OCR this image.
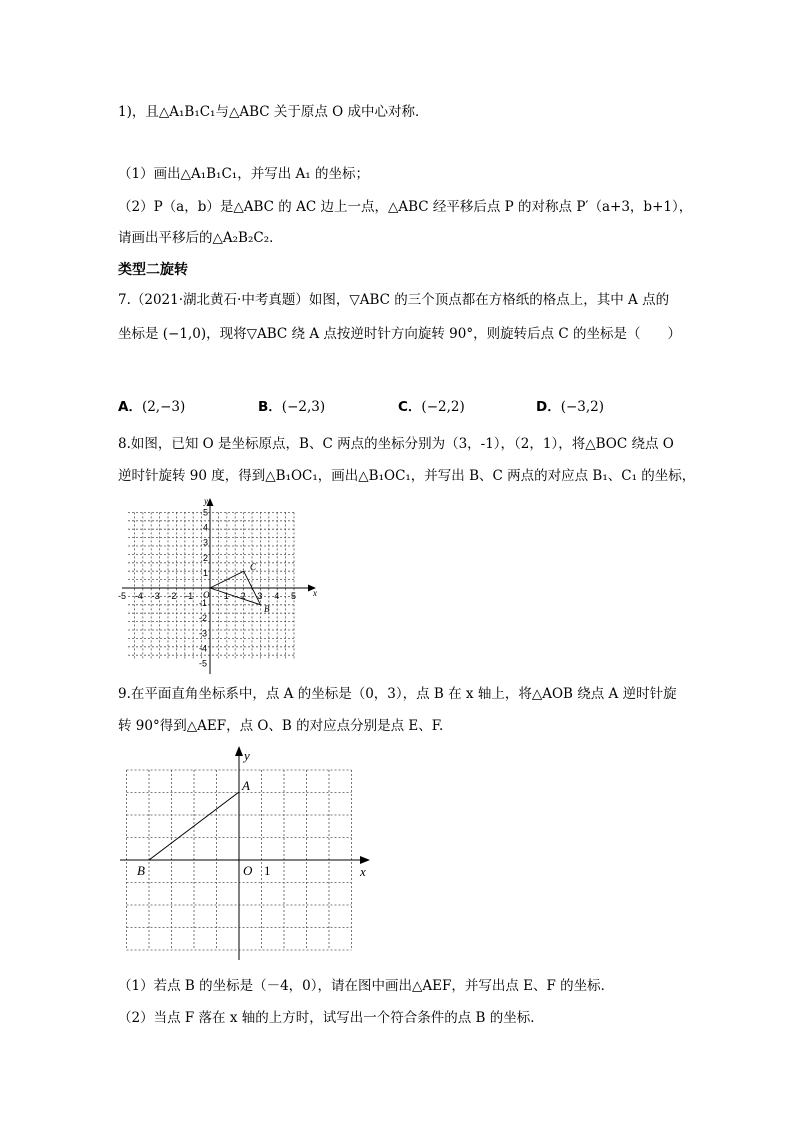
1)，且△A₁B₁C₁与△ABC 关于原点 O 成中心对称．
（1）画出△A₁B₁C₁，并写出 A₁ 的坐标；
（2）P（a，b）是△ABC 的 AC 边上一点，△ABC 经平移后点 P 的对称点 P′（a+3，b+1），
请画出平移后的△A₂B₂C₂．
类型二旋转
7.（2021·湖北黄石·中考真题）如图，▽ABC 的三个顶点都在方格纸的格点上，其中 A 点的
坐标是 (−1,0)，现将▽ABC 绕 A 点按逆时针方向旋转 90°，则旋转后点 C 的坐标是（　　）
A．(2,−3)	B．(−2,3)	C．(−2,2)	D．(−3,2)
8.如图，已知 O 是坐标原点，B、C 两点的坐标分别为（3，-1），（2，1），将△BOC 绕点 O
逆时针旋转 90 度，得到△B₁OC₁，画出△B₁OC₁，并写出 B、C 两点的对应点 B₁、C₁ 的坐标，
-5 -4 -3 -2 -1	1 2 3 4 5
5
4
3
2
1
-1
-2
-3
-4
-5
x
y
O
C
B
9.在平面直角坐标系中，点 A 的坐标是（0，3），点 B 在 x 轴上，将△AOB 绕点 A 逆时针旋
转 90°得到△AEF，点 O、B 的对应点分别是点 E、F.
x
y
O 1
A
B
（1）若点 B 的坐标是（－4，0），请在图中画出△AEF，并写出点 E、F 的坐标．
（2）当点 F 落在 x 轴的上方时，试写出一个符合条件的点 B 的坐标．
